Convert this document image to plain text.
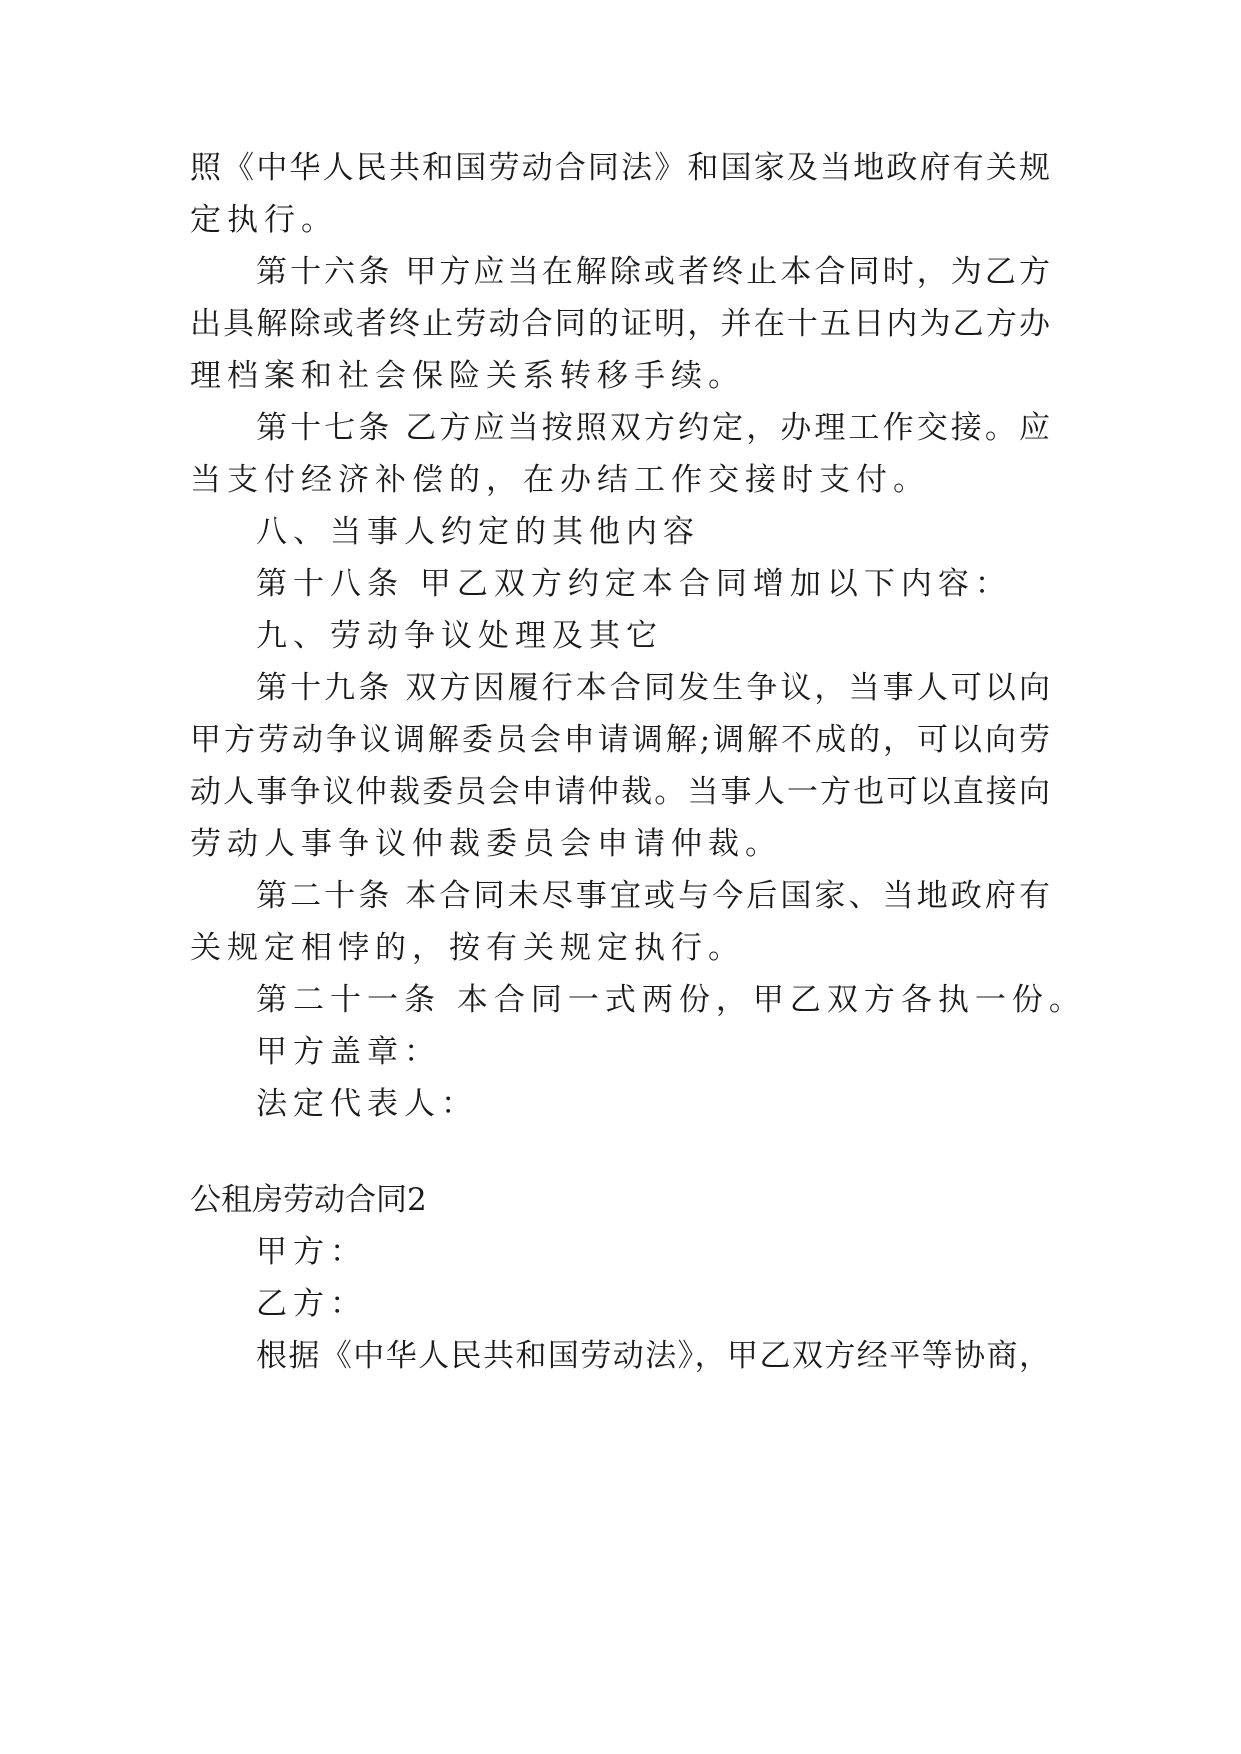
照《中华人民共和国劳动合同法》和国家及当地政府有关规
定执行。
第十六条 甲方应当在解除或者终止本合同时，为乙方
出具解除或者终止劳动合同的证明，并在十五日内为乙方办
理档案和社会保险关系转移手续。
第十七条 乙方应当按照双方约定，办理工作交接。应
当支付经济补偿的，在办结工作交接时支付。
八、当事人约定的其他内容
第十八条 甲乙双方约定本合同增加以下内容：
九、劳动争议处理及其它
第十九条 双方因履行本合同发生争议，当事人可以向
甲方劳动争议调解委员会申请调解;调解不成的，可以向劳
动人事争议仲裁委员会申请仲裁。当事人一方也可以直接向
劳动人事争议仲裁委员会申请仲裁。
第二十条 本合同未尽事宜或与今后国家、当地政府有
关规定相悖的，按有关规定执行。
第二十一条 本合同一式两份，甲乙双方各执一份。
甲方盖章：
法定代表人：
公租房劳动合同2
甲方：
乙方：
根据《中华人民共和国劳动法》，甲乙双方经平等协商，
